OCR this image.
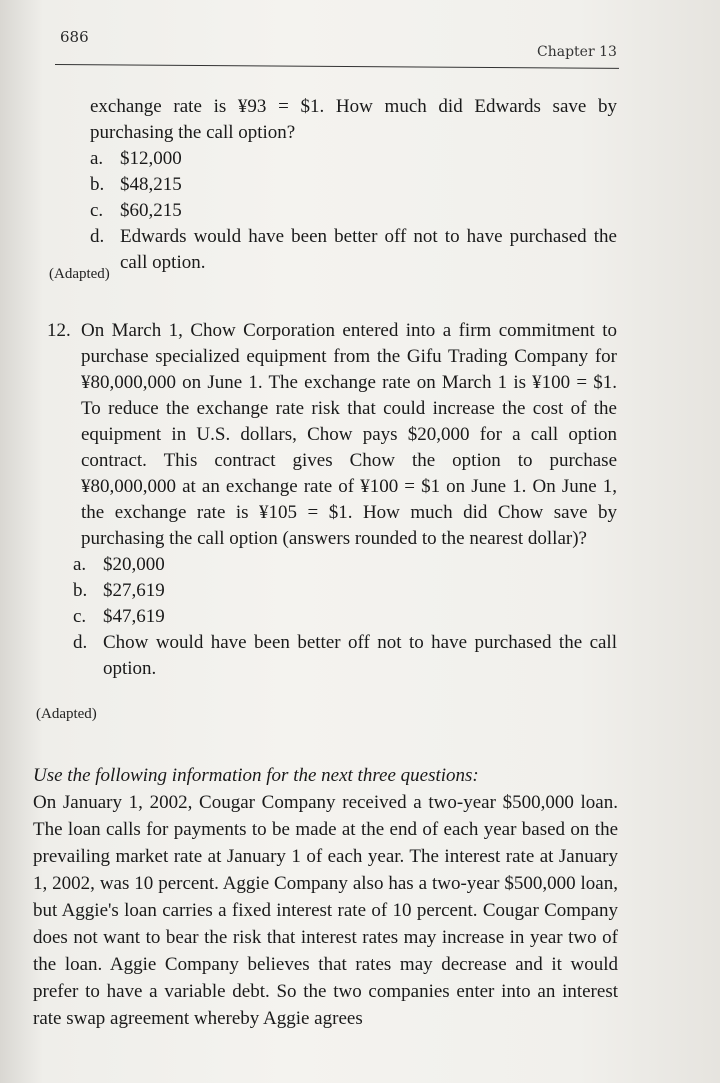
686
Chapter 13

exchange rate is ¥93 = $1. How much did Edwards save by purchasing the call option?

a. $12,000
b. $48,215
c. $60,215
d. Edwards would have been better off not to have purchased the call option.
(Adapted)
12. On March 1, Chow Corporation entered into a firm commitment to purchase specialized equipment from the Gifu Trading Company for ¥80,000,000 on June 1. The exchange rate on March 1 is ¥100 = $1. To reduce the exchange rate risk that could increase the cost of the equipment in U.S. dollars, Chow pays $20,000 for a call option contract. This contract gives Chow the option to purchase ¥80,000,000 at an exchange rate of ¥100 = $1 on June 1. On June 1, the exchange rate is ¥105 = $1. How much did Chow save by purchasing the call option (answers rounded to the nearest dollar)?
a. $20,000
b. $27,619
c. $47,619
d. Chow would have been better off not to have purchased the call option.
(Adapted)

Use the following information for the next three questions:

On January 1, 2002, Cougar Company received a two-year $500,000 loan. The loan calls for payments to be made at the end of each year based on the prevailing market rate at January 1 of each year. The interest rate at January 1, 2002, was 10 percent. Aggie Company also has a two-year $500,000 loan, but Aggie's loan carries a fixed interest rate of 10 percent. Cougar Company does not want to bear the risk that interest rates may increase in year two of the loan. Aggie Company believes that rates may decrease and it would prefer to have a variable debt. So the two companies enter into an interest rate swap agreement whereby Aggie agrees
